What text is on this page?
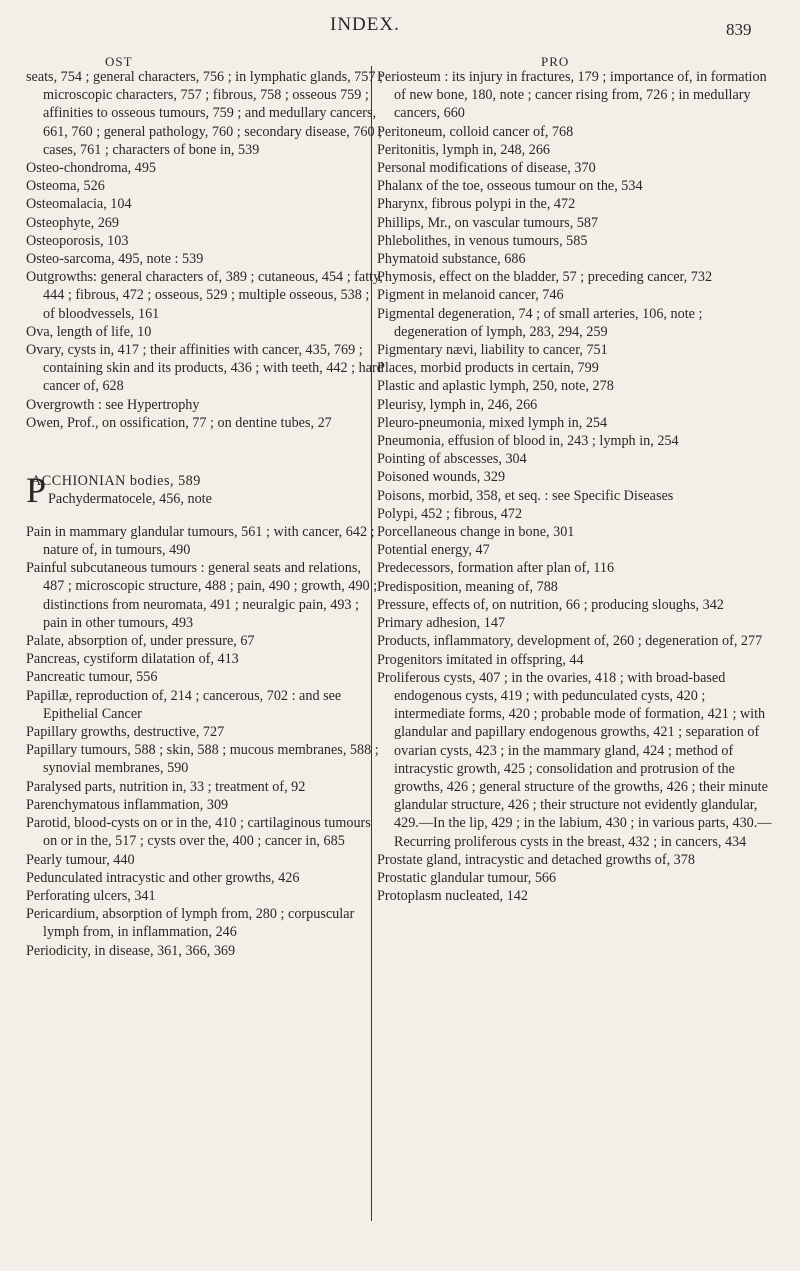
INDEX.	839
OST	PRO

seats, 754 ; general characters, 756 ; in lymphatic glands, 757 ; microscopic characters, 757 ; fibrous, 758 ; osseous 759 ; affinities to osseous tumours, 759 ; and medullary cancers, 661, 760 ; general pathology, 760 ; secondary disease, 760 ; cases, 761 ; characters of bone in, 539

Osteo-chondroma, 495

Osteoma, 526

Osteomalacia, 104

Osteophyte, 269

Osteoporosis, 103

Osteo-sarcoma, 495, note : 539

Outgrowths: general characters of, 389 ; cutaneous, 454 ; fatty, 444 ; fibrous, 472 ; osseous, 529 ; multiple osseous, 538 ; of bloodvessels, 161

Ova, length of life, 10

Ovary, cysts in, 417 ; their affinities with cancer, 435, 769 ; containing skin and its products, 436 ; with teeth, 442 ; hard cancer of, 628

Overgrowth : see Hypertrophy

Owen, Prof., on ossification, 77 ; on dentine tubes, 27

P
ACCHIONIAN bodies, 589
Pachydermatocele, 456, note

Pain in mammary glandular tumours, 561 ; with cancer, 642 ; nature of, in tumours, 490

Painful subcutaneous tumours : general seats and relations, 487 ; microscopic structure, 488 ; pain, 490 ; growth, 490 ; distinctions from neuromata, 491 ; neuralgic pain, 493 ; pain in other tumours, 493

Palate, absorption of, under pressure, 67

Pancreas, cystiform dilatation of, 413

Pancreatic tumour, 556

Papillæ, reproduction of, 214 ; cancerous, 702 : and see Epithelial Cancer

Papillary growths, destructive, 727

Papillary tumours, 588 ; skin, 588 ; mucous membranes, 588 ; synovial membranes, 590

Paralysed parts, nutrition in, 33 ; treatment of, 92

Parenchymatous inflammation, 309

Parotid, blood-cysts on or in the, 410 ; cartilaginous tumours on or in the, 517 ; cysts over the, 400 ; cancer in, 685

Pearly tumour, 440

Pedunculated intracystic and other growths, 426

Perforating ulcers, 341

Pericardium, absorption of lymph from, 280 ; corpuscular lymph from, in inflammation, 246

Periodicity, in disease, 361, 366, 369

Periosteum : its injury in fractures, 179 ; importance of, in formation of new bone, 180, note ; cancer rising from, 726 ; in medullary cancers, 660

Peritoneum, colloid cancer of, 768

Peritonitis, lymph in, 248, 266

Personal modifications of disease, 370

Phalanx of the toe, osseous tumour on the, 534

Pharynx, fibrous polypi in the, 472

Phillips, Mr., on vascular tumours, 587

Phlebolithes, in venous tumours, 585

Phymatoid substance, 686

Phymosis, effect on the bladder, 57 ; preceding cancer, 732

Pigment in melanoid cancer, 746

Pigmental degeneration, 74 ; of small arteries, 106, note ; degeneration of lymph, 283, 294, 259

Pigmentary nævi, liability to cancer, 751

Places, morbid products in certain, 799

Plastic and aplastic lymph, 250, note, 278

Pleurisy, lymph in, 246, 266

Pleuro-pneumonia, mixed lymph in, 254

Pneumonia, effusion of blood in, 243 ; lymph in, 254

Pointing of abscesses, 304

Poisoned wounds, 329

Poisons, morbid, 358, et seq. : see Specific Diseases

Polypi, 452 ; fibrous, 472

Porcellaneous change in bone, 301

Potential energy, 47

Predecessors, formation after plan of, 116

Predisposition, meaning of, 788

Pressure, effects of, on nutrition, 66 ; producing sloughs, 342

Primary adhesion, 147

Products, inflammatory, development of, 260 ; degeneration of, 277

Progenitors imitated in offspring, 44

Proliferous cysts, 407 ; in the ovaries, 418 ; with broad-based endogenous cysts, 419 ; with pedunculated cysts, 420 ; intermediate forms, 420 ; probable mode of formation, 421 ; with glandular and papillary endogenous growths, 421 ; separation of ovarian cysts, 423 ; in the mammary gland, 424 ; method of intracystic growth, 425 ; consolidation and protrusion of the growths, 426 ; general structure of the growths, 426 ; their minute glandular structure, 426 ; their structure not evidently glandular, 429.—In the lip, 429 ; in the labium, 430 ; in various parts, 430.—Recurring proliferous cysts in the breast, 432 ; in cancers, 434

Prostate gland, intracystic and detached growths of, 378

Prostatic glandular tumour, 566

Protoplasm nucleated, 142
